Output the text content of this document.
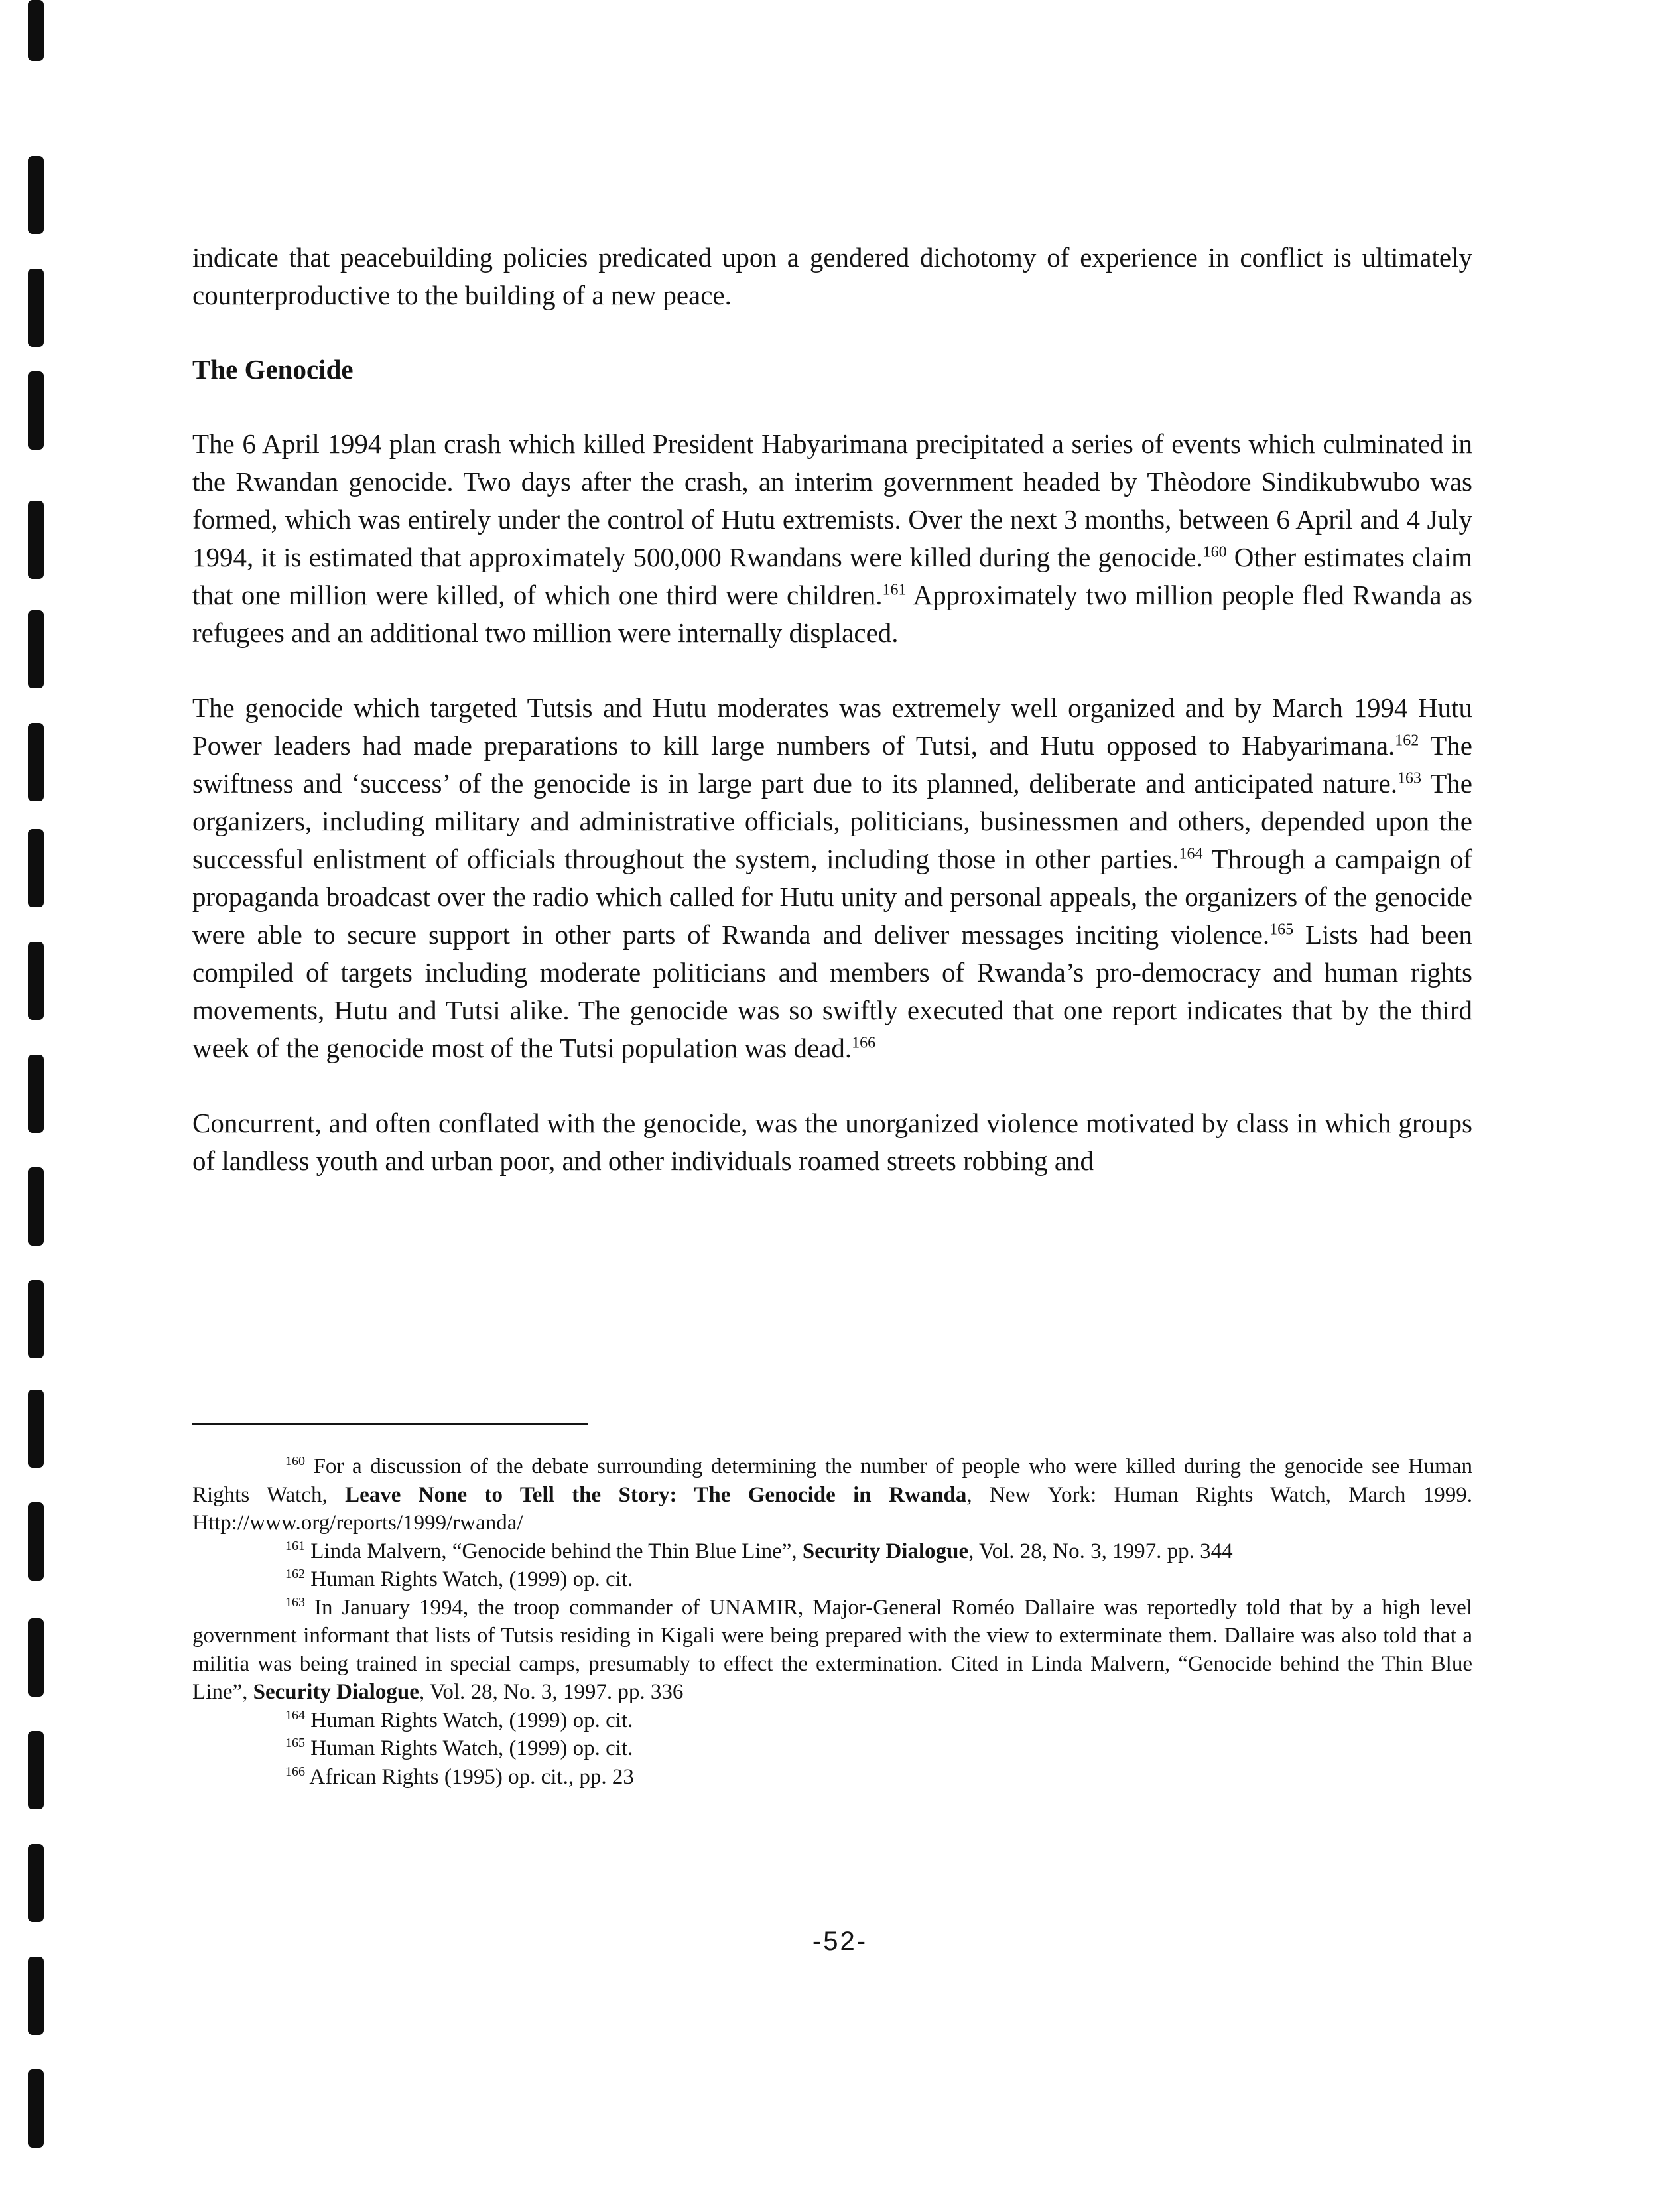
indicate that peacebuilding policies predicated upon a gendered dichotomy of experience in conflict is ultimately counterproductive to the building of a new peace.

The Genocide

The 6 April 1994 plan crash which killed President Habyarimana precipitated a series of events which culminated in the Rwandan genocide. Two days after the crash, an interim government headed by Thèodore Sindikubwubo was formed, which was entirely under the control of Hutu extremists. Over the next 3 months, between 6 April and 4 July 1994, it is estimated that approximately 500,000 Rwandans were killed during the genocide.$^{160}$ Other estimates claim that one million were killed, of which one third were children.$^{161}$ Approximately two million people fled Rwanda as refugees and an additional two million were internally displaced.

The genocide which targeted Tutsis and Hutu moderates was extremely well organized and by March 1994 Hutu Power leaders had made preparations to kill large numbers of Tutsi, and Hutu opposed to Habyarimana.$^{162}$ The swiftness and ‘success’ of the genocide is in large part due to its planned, deliberate and anticipated nature.$^{163}$ The organizers, including military and administrative officials, politicians, businessmen and others, depended upon the successful enlistment of officials throughout the system, including those in other parties.$^{164}$ Through a campaign of propaganda broadcast over the radio which called for Hutu unity and personal appeals, the organizers of the genocide were able to secure support in other parts of Rwanda and deliver messages inciting violence.$^{165}$ Lists had been compiled of targets including moderate politicians and members of Rwanda’s pro-democracy and human rights movements, Hutu and Tutsi alike. The genocide was so swiftly executed that one report indicates that by the third week of the genocide most of the Tutsi population was dead.$^{166}$

Concurrent, and often conflated with the genocide, was the unorganized violence motivated by class in which groups of landless youth and urban poor, and other individuals roamed streets robbing and

$^{160}$ For a discussion of the debate surrounding determining the number of people who were killed during the genocide see Human Rights Watch, Leave None to Tell the Story: The Genocide in Rwanda, New York: Human Rights Watch, March 1999. Http://www.org/reports/1999/rwanda/

$^{161}$ Linda Malvern, “Genocide behind the Thin Blue Line”, Security Dialogue, Vol. 28, No. 3, 1997. pp. 344

$^{162}$ Human Rights Watch, (1999) op. cit.

$^{163}$ In January 1994, the troop commander of UNAMIR, Major-General Roméo Dallaire was reportedly told that by a high level government informant that lists of Tutsis residing in Kigali were being prepared with the view to exterminate them. Dallaire was also told that a militia was being trained in special camps, presumably to effect the extermination. Cited in Linda Malvern, “Genocide behind the Thin Blue Line”, Security Dialogue, Vol. 28, No. 3, 1997. pp. 336

$^{164}$ Human Rights Watch, (1999) op. cit.

$^{165}$ Human Rights Watch, (1999) op. cit.

$^{166}$ African Rights (1995) op. cit., pp. 23

-52-
